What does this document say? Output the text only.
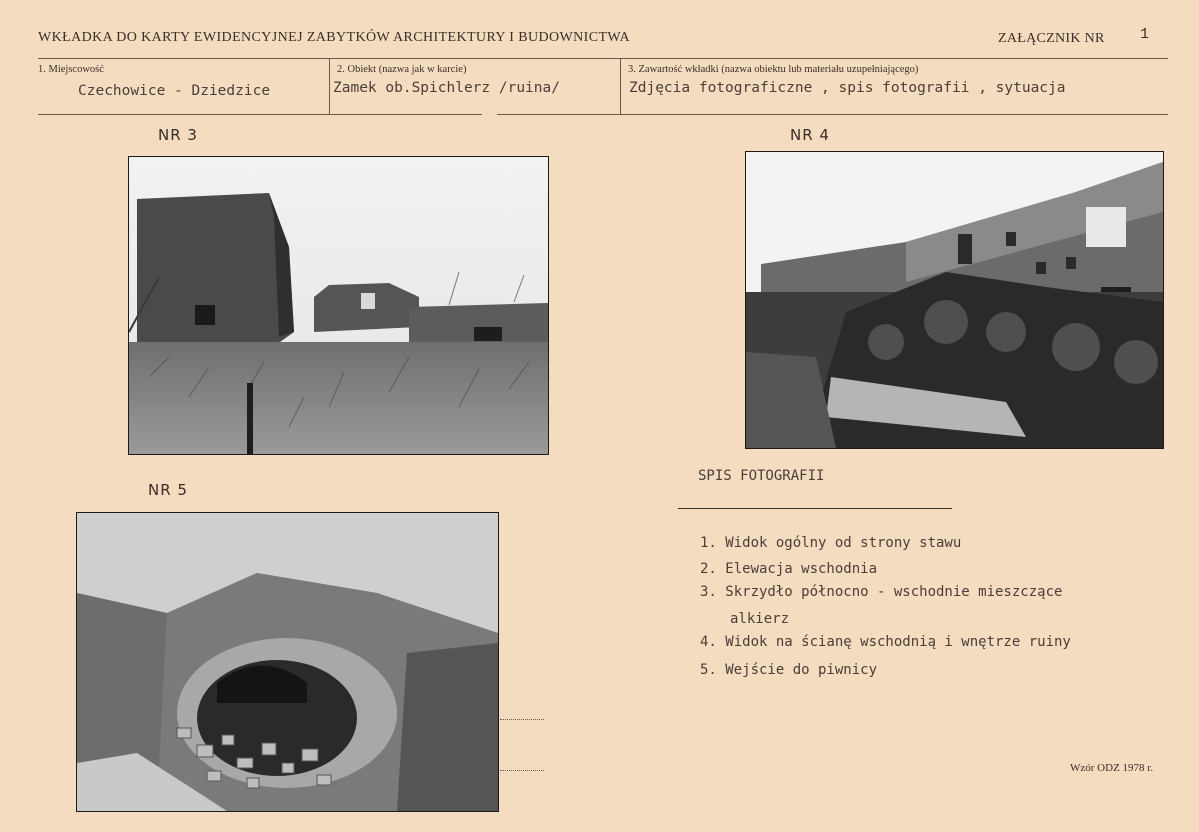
WKŁADKA DO KARTY EWIDENCYJNEJ ZABYTKÓW ARCHITEKTURY I BUDOWNICTWA	ZAŁĄCZNIK NR 1
1. Miejscowość
Czechowice - Dziedzice
2. Obiekt (nazwa jak w karcie)
Zamek ob.Spichlerz /ruina/
3. Zawartość wkładki (nazwa obiektu lub materiału uzupełniającego)
Zdjęcia fotograficzne , spis fotografii , sytuacja
NR 3	NR 4
NR 5
SPIS FOTOGRAFII
1. Widok ogólny od strony stawu
2. Elewacja wschodnia
3. Skrzydło północno - wschodnie mieszczące
alkierz
4. Widok na ścianę wschodnią i wnętrze ruiny
5. Wejście do piwnicy
Wzór ODZ 1978 r.
